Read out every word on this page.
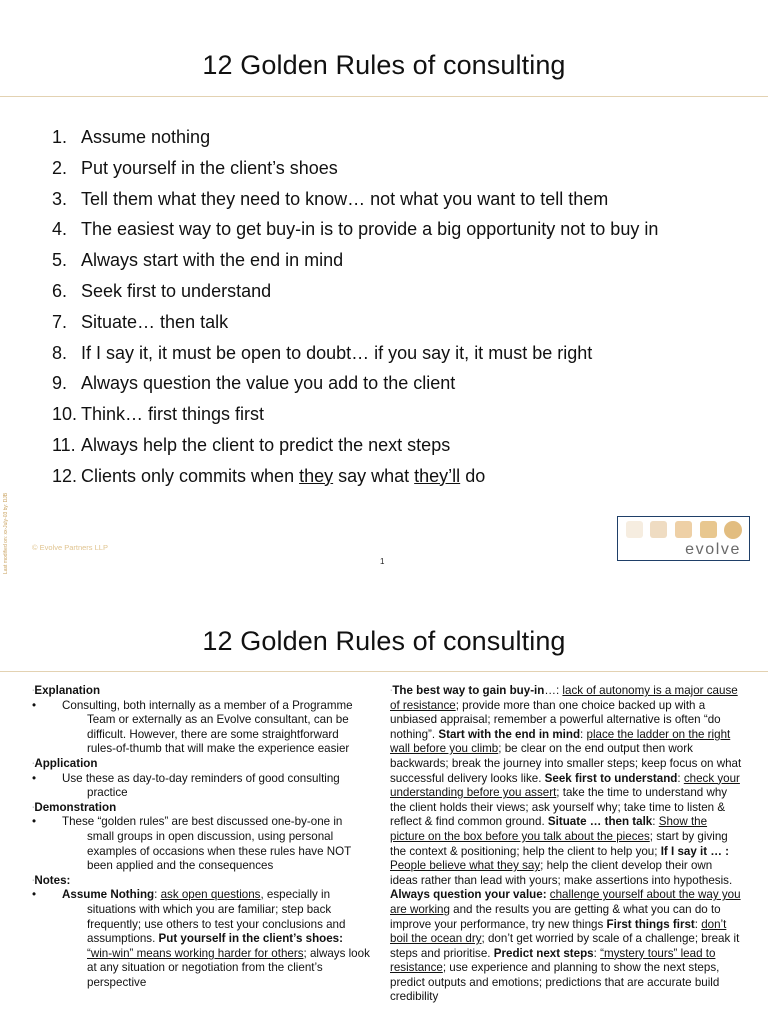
12 Golden Rules of consulting
1. Assume nothing
2. Put yourself in the client’s shoes
3. Tell them what they need to know… not what you want to tell them
4. The easiest way to get buy-in is to provide a big opportunity not to buy in
5. Always start with the end in mind
6. Seek first to understand
7. Situate… then talk
8. If I say it, it must be open to doubt… if you say it, it must be right
9. Always question the value you add to the client
10. Think… first things first
11. Always help the client to predict the next steps
12. Clients only commits when they say what they’ll do
Last modified on: xx-July-03 by: DJB	© Evolve Partners LLP
1
evolve
12 Golden Rules of consulting
·Explanation
•	Consulting, both internally as a member of a Programme Team or externally as an Evolve consultant, can be difficult. However, there are some straightforward rules-of-thumb that will make the experience easier
·Application
•	Use these as day-to-day reminders of good consulting practice
·Demonstration
•	These “golden rules” are best discussed one-by-one in small groups in open discussion, using personal examples of occasions when these rules have NOT been applied and the consequences
·Notes:
•	Assume Nothing: ask open questions, especially in situations with which you are familiar; step back frequently; use others to test your conclusions and assumptions. Put yourself in the client’s shoes: “win-win” means working harder for others; always look at any situation or negotiation from the client’s perspective
·The best way to gain buy-in…: lack of autonomy is a major cause of resistance; provide more than one choice backed up with a unbiased appraisal; remember a powerful alternative is often “do nothing”. Start with the end in mind: place the ladder on the right wall before you climb; be clear on the end output then work backwards; break the journey into smaller steps; keep focus on what successful delivery looks like. Seek first to understand: check your understanding before you assert; take the time to understand why the client holds their views; ask yourself why; take time to listen & reflect & find common ground. Situate … then talk: Show the picture on the box before you talk about the pieces; start by giving the context & positioning; help the client to help you; If I say it … : People believe what they say; help the client develop their own ideas rather than lead with yours; make assertions into hypothesis. Always question your value: challenge yourself about the way you are working and the results you are getting & what you can do to improve your performance, try new things First things first: don’t boil the ocean dry; don’t get worried by scale of a challenge; break it steps and prioritise. Predict next steps: “mystery tours” lead to resistance; use experience and planning to show the next steps, predict outputs and emotions; predictions that are accurate build credibility
